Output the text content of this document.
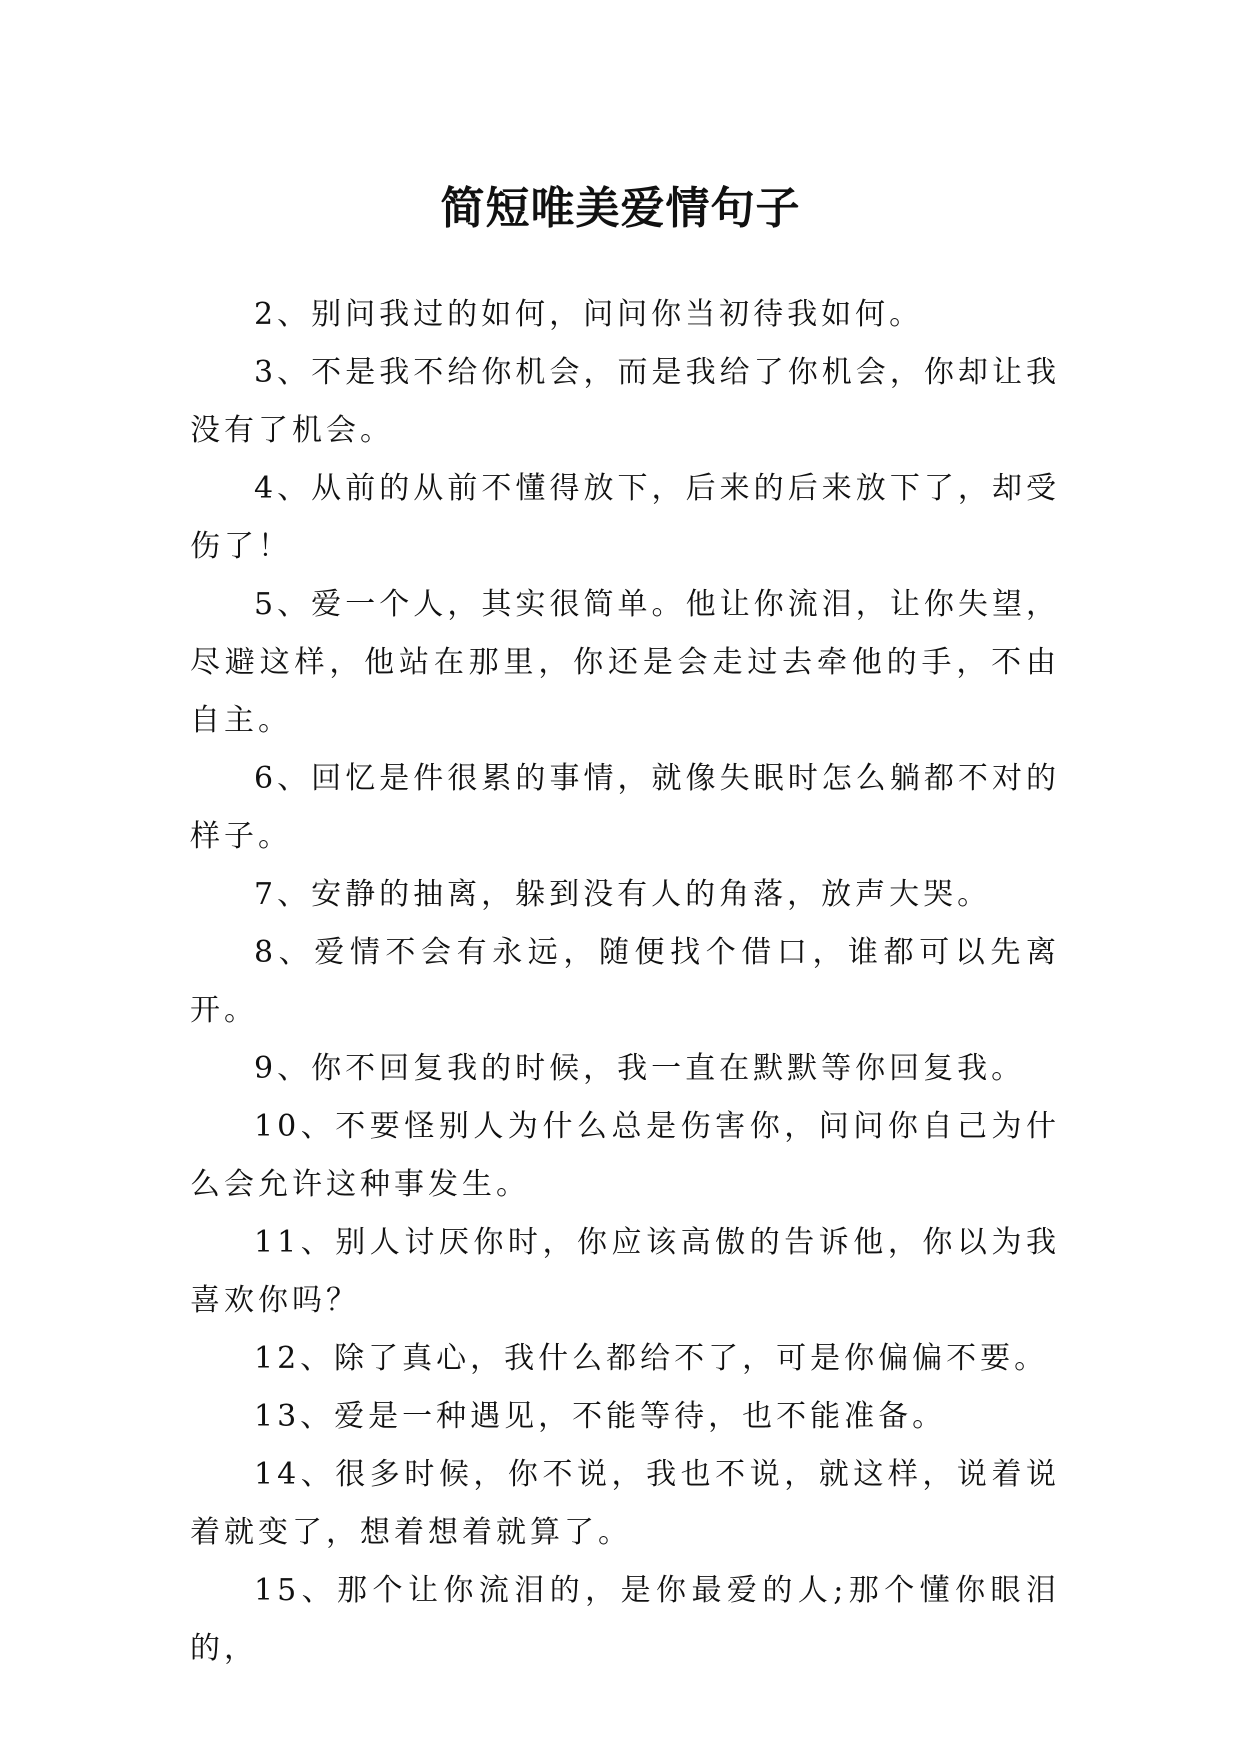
简短唯美爱情句子

2、别问我过的如何，问问你当初待我如何。

3、不是我不给你机会，而是我给了你机会，你却让我没有了机会。

4、从前的从前不懂得放下，后来的后来放下了，却受伤了！

5、爱一个人，其实很简单。他让你流泪，让你失望，尽避这样，他站在那里，你还是会走过去牵他的手，不由自主。

6、回忆是件很累的事情，就像失眠时怎么躺都不对的样子。

7、安静的抽离，躲到没有人的角落，放声大哭。

8、爱情不会有永远，随便找个借口，谁都可以先离开。

9、你不回复我的时候，我一直在默默等你回复我。

10、不要怪别人为什么总是伤害你，问问你自己为什么会允许这种事发生。

11、别人讨厌你时，你应该高傲的告诉他，你以为我喜欢你吗？

12、除了真心，我什么都给不了，可是你偏偏不要。

13、爱是一种遇见，不能等待，也不能准备。

14、很多时候，你不说，我也不说，就这样，说着说着就变了，想着想着就算了。

15、那个让你流泪的，是你最爱的人;那个懂你眼泪的，
